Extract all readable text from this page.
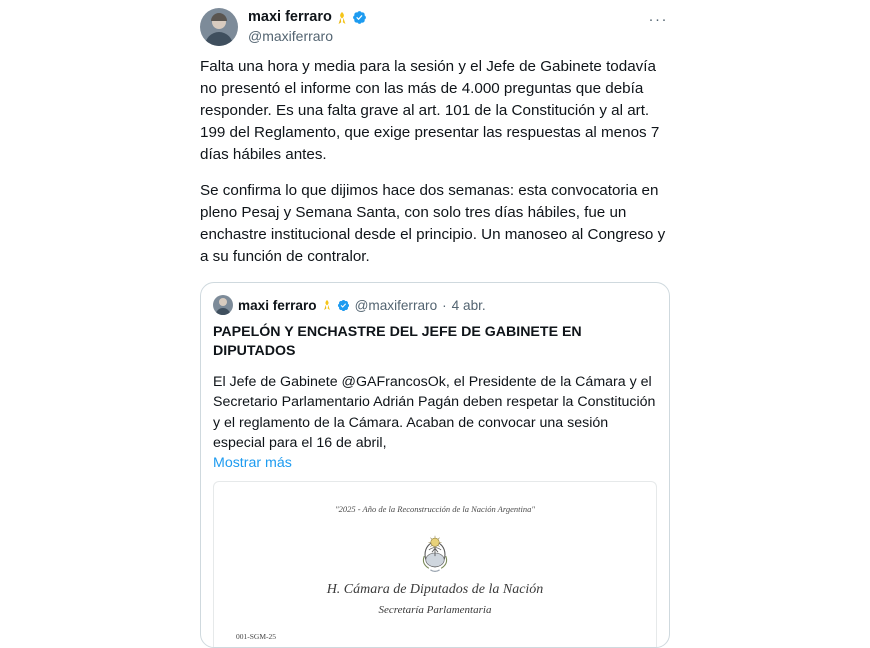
maxi ferraro
@maxiferraro
···

Falta una hora y media para la sesión y el Jefe de Gabinete todavía no presentó el informe con las más de 4.000 preguntas que debía responder. Es una falta grave al art. 101 de la Constitución y al art. 199 del Reglamento, que exige presentar las respuestas al menos 7 días hábiles antes.

Se confirma lo que dijimos hace dos semanas: esta convocatoria en pleno Pesaj y Semana Santa, con solo tres días hábiles, fue un enchastre institucional desde el principio. Un manoseo al Congreso y a su función de contralor.

maxi ferraro	@maxiferraro · 4 abr.
PAPELÓN Y ENCHASTRE DEL JEFE DE GABINETE EN DIPUTADOS
El Jefe de Gabinete @GAFrancosOk, el Presidente de la Cámara y el Secretario Parlamentario Adrián Pagán deben respetar la Constitución y el reglamento de la Cámara. Acaban de convocar una sesión especial para el 16 de abril,
Mostrar más
"2025 - Año de la Reconstrucción de la Nación Argentina"
H. Cámara de Diputados de la Nación
Secretaría Parlamentaria
001-SGM-25
